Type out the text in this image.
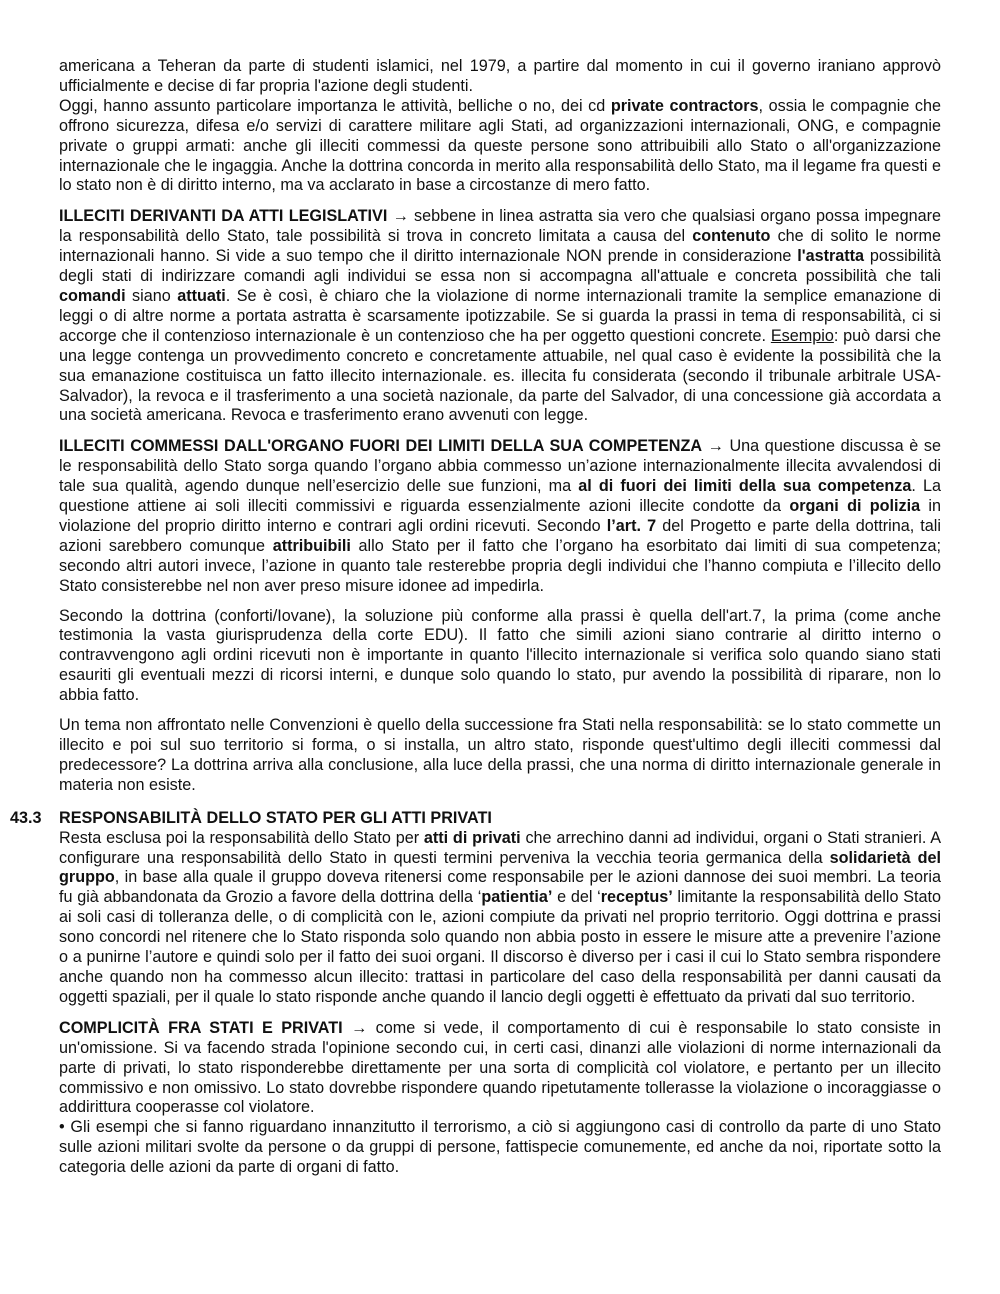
americana a Teheran da parte di studenti islamici, nel 1979, a partire dal momento in cui il governo iraniano approvò ufficialmente e decise di far propria l'azione degli studenti.

Oggi, hanno assunto particolare importanza le attività, belliche o no, dei cd private contractors, ossia le compagnie che offrono sicurezza, difesa e/o servizi di carattere militare agli Stati, ad organizzazioni internazionali, ONG, e compagnie private o gruppi armati: anche gli illeciti commessi da queste persone sono attribuibili allo Stato o all'organizzazione internazionale che le ingaggia. Anche la dottrina concorda in merito alla responsabilità dello Stato, ma il legame fra questi e lo stato non è di diritto interno, ma va acclarato in base a circostanze di mero fatto.

ILLECITI DERIVANTI DA ATTI LEGISLATIVI → sebbene in linea astratta sia vero che qualsiasi organo possa impegnare la responsabilità dello Stato, tale possibilità si trova in concreto limitata a causa del contenuto che di solito le norme internazionali hanno. Si vide a suo tempo che il diritto internazionale NON prende in considerazione l'astratta possibilità degli stati di indirizzare comandi agli individui se essa non si accompagna all'attuale e concreta possibilità che tali comandi siano attuati. Se è così, è chiaro che la violazione di norme internazionali tramite la semplice emanazione di leggi o di altre norme a portata astratta è scarsamente ipotizzabile. Se si guarda la prassi in tema di responsabilità, ci si accorge che il contenzioso internazionale è un contenzioso che ha per oggetto questioni concrete. Esempio: può darsi che una legge contenga un provvedimento concreto e concretamente attuabile, nel qual caso è evidente la possibilità che la sua emanazione costituisca un fatto illecito internazionale. es. illecita fu considerata (secondo il tribunale arbitrale USA-Salvador), la revoca e il trasferimento a una società nazionale, da parte del Salvador, di una concessione già accordata a una società americana. Revoca e trasferimento erano avvenuti con legge.

ILLECITI COMMESSI DALL'ORGANO FUORI DEI LIMITI DELLA SUA COMPETENZA → Una questione discussa è se le responsabilità dello Stato sorga quando l’organo abbia commesso un’azione internazionalmente illecita avvalendosi di tale sua qualità, agendo dunque nell’esercizio delle sue funzioni, ma al di fuori dei limiti della sua competenza. La questione attiene ai soli illeciti commissivi e riguarda essenzialmente azioni illecite condotte da organi di polizia in violazione del proprio diritto interno e contrari agli ordini ricevuti. Secondo l’art. 7 del Progetto e parte della dottrina, tali azioni sarebbero comunque attribuibili allo Stato per il fatto che l’organo ha esorbitato dai limiti di sua competenza; secondo altri autori invece, l’azione in quanto tale resterebbe propria degli individui che l’hanno compiuta e l’illecito dello Stato consisterebbe nel non aver preso misure idonee ad impedirla.

Secondo la dottrina (conforti/Iovane), la soluzione più conforme alla prassi è quella dell'art.7, la prima (come anche testimonia la vasta giurisprudenza della corte EDU). Il fatto che simili azioni siano contrarie al diritto interno o contravvengono agli ordini ricevuti non è importante in quanto l'illecito internazionale si verifica solo quando siano stati esauriti gli eventuali mezzi di ricorsi interni, e dunque solo quando lo stato, pur avendo la possibilità di riparare, non lo abbia fatto.

Un tema non affrontato nelle Convenzioni è quello della successione fra Stati nella responsabilità: se lo stato commette un illecito e poi sul suo territorio si forma, o si installa, un altro stato, risponde quest'ultimo degli illeciti commessi dal predecessore? La dottrina arriva alla conclusione, alla luce della prassi, che una norma di diritto internazionale generale in materia non esiste.

43.3 RESPONSABILITÀ DELLO STATO PER GLI ATTI PRIVATI

Resta esclusa poi la responsabilità dello Stato per atti di privati che arrechino danni ad individui, organi o Stati stranieri. A configurare una responsabilità dello Stato in questi termini perveniva la vecchia teoria germanica della solidarietà del gruppo, in base alla quale il gruppo doveva ritenersi come responsabile per le azioni dannose dei suoi membri. La teoria fu già abbandonata da Grozio a favore della dottrina della ‘patientia’ e del ‘receptus’ limitante la responsabilità dello Stato ai soli casi di tolleranza delle, o di complicità con le, azioni compiute da privati nel proprio territorio. Oggi dottrina e prassi sono concordi nel ritenere che lo Stato risponda solo quando non abbia posto in essere le misure atte a prevenire l’azione o a punirne l’autore e quindi solo per il fatto dei suoi organi. Il discorso è diverso per i casi il cui lo Stato sembra rispondere anche quando non ha commesso alcun illecito: trattasi in particolare del caso della responsabilità per danni causati da oggetti spaziali, per il quale lo stato risponde anche quando il lancio degli oggetti è effettuato da privati dal suo territorio.

COMPLICITÀ FRA STATI E PRIVATI → come si vede, il comportamento di cui è responsabile lo stato consiste in un'omissione. Si va facendo strada l'opinione secondo cui, in certi casi, dinanzi alle violazioni di norme internazionali da parte di privati, lo stato risponderebbe direttamente per una sorta di complicità col violatore, e pertanto per un illecito commissivo e non omissivo. Lo stato dovrebbe rispondere quando ripetutamente tollerasse la violazione o incoraggiasse o addirittura cooperasse col violatore.

• Gli esempi che si fanno riguardano innanzitutto il terrorismo, a ciò si aggiungono casi di controllo da parte di uno Stato sulle azioni militari svolte da persone o da gruppi di persone, fattispecie comunemente, ed anche da noi, riportate sotto la categoria delle azioni da parte di organi di fatto.
